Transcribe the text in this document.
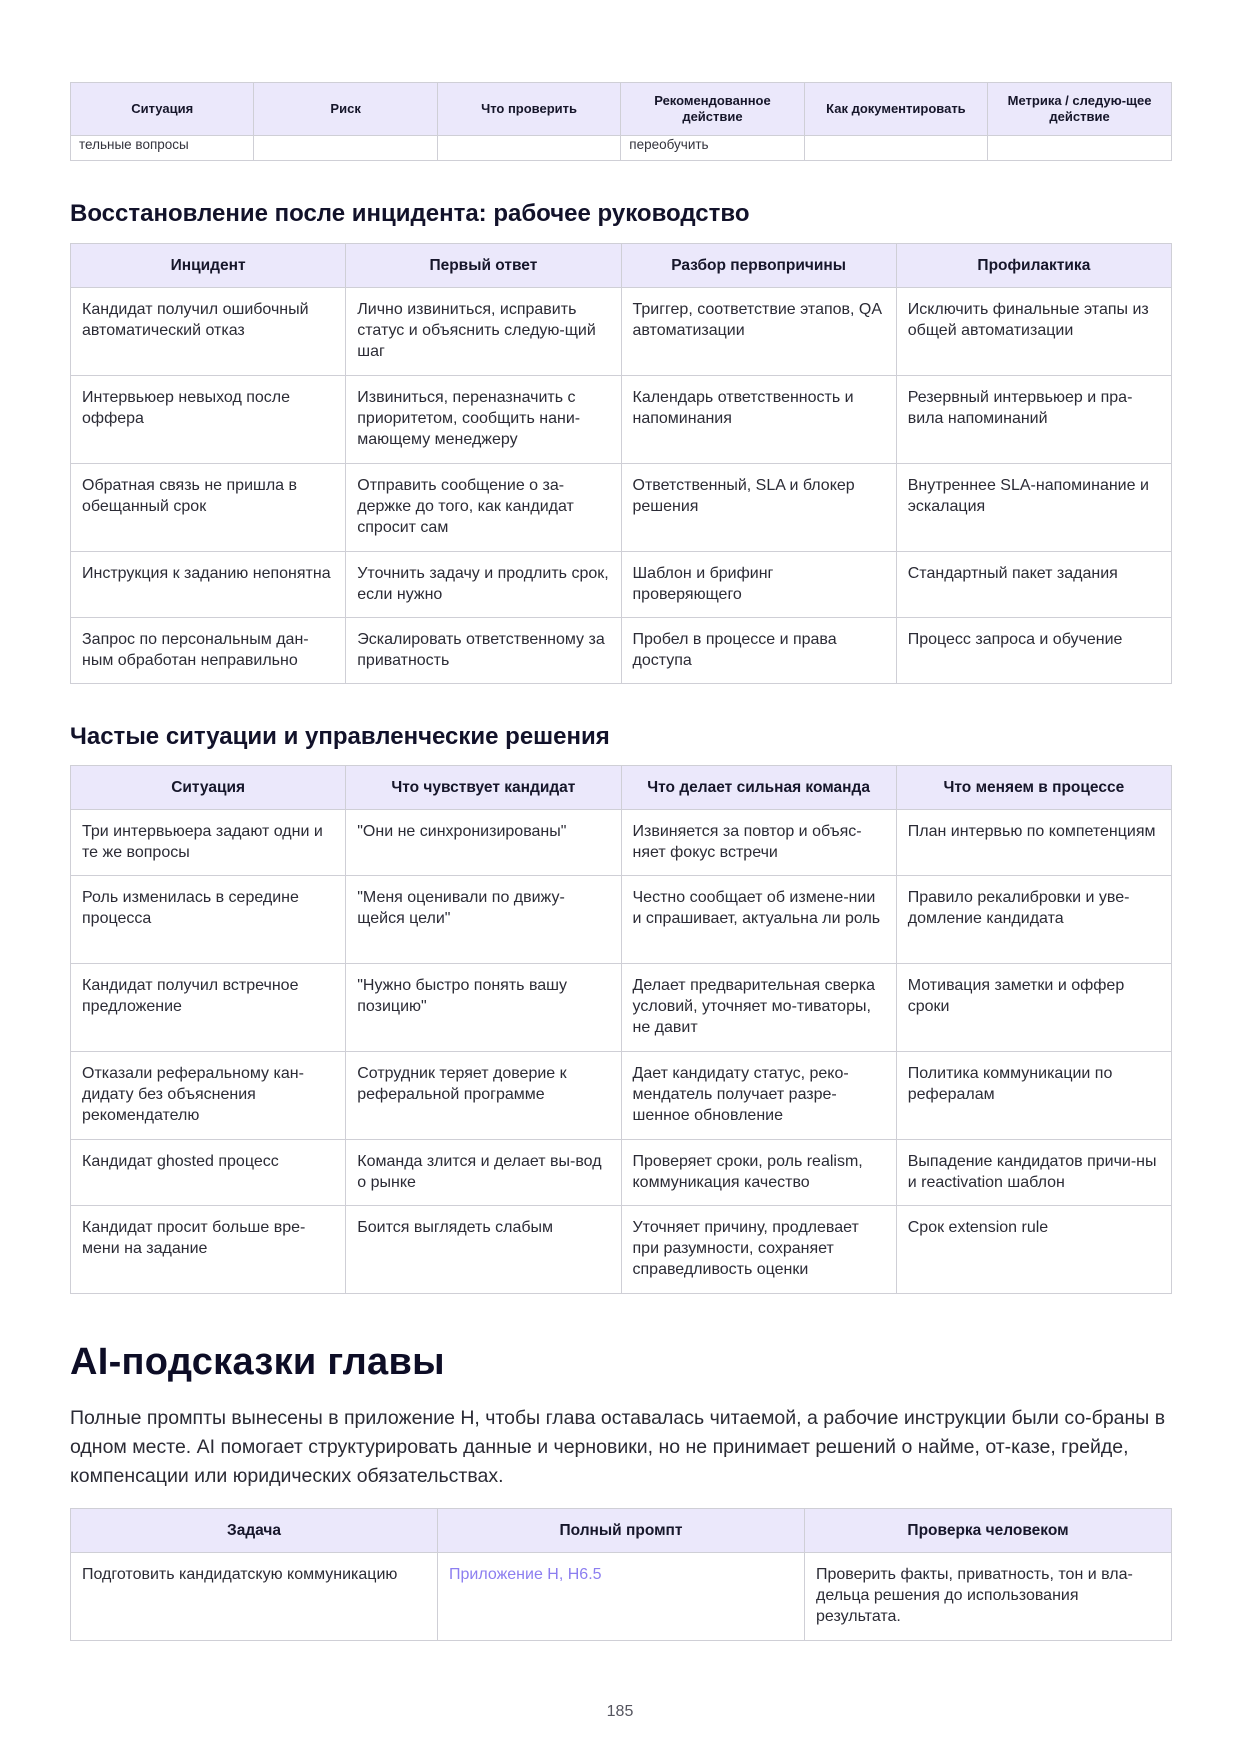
Ситуация	Риск	Что проверить	Рекомендованное действие	Как документировать	Метрика / следую-щее действие
тельные вопросы			переобучить		
Восстановление после инцидента: рабочее руководство
Инцидент	Первый ответ	Разбор первопричины	Профилактика
Кандидат получил ошибочный автоматический отказ	Лично извиниться, исправить статус и объяснить следую-щий шаг	Триггер, соответствие этапов, QA автоматизации	Исключить финальные этапы из общей автоматизации
Интервьюер невыход после оффера	Извиниться, переназначить с приоритетом, сообщить нани-мающему менеджеру	Календарь ответственность и напоминания	Резервный интервьюер и пра-вила напоминаний
Обратная связь не пришла в обещанный срок	Отправить сообщение о за-держке до того, как кандидат спросит сам	Ответственный, SLA и блокер решения	Внутреннее SLA-напоминание и эскалация
Инструкция к заданию непонятна	Уточнить задачу и продлить срок, если нужно	Шаблон и брифинг проверяющего	Стандартный пакет задания
Запрос по персональным дан-ным обработан неправильно	Эскалировать ответственному за приватность	Пробел в процессе и права доступа	Процесс запроса и обучение
Частые ситуации и управленческие решения
Ситуация	Что чувствует кандидат	Что делает сильная команда	Что меняем в процессе
Три интервьюера задают одни и те же вопросы	"Они не синхронизированы"	Извиняется за повтор и объяс-няет фокус встречи	План интервью по компетенциям
Роль изменилась в середине процесса	"Меня оценивали по движу-щейся цели"	Честно сообщает об измене-нии и спрашивает, актуальна ли роль	Правило рекалибровки и уве-домление кандидата
Кандидат получил встречное предложение	"Нужно быстро понять вашу позицию"	Делает предварительная сверка условий, уточняет мо-тиваторы, не давит	Мотивация заметки и оффер сроки
Отказали реферальному кан-дидату без объяснения рекомендателю	Сотрудник теряет доверие к реферальной программе	Дает кандидату статус, реко-мендатель получает разре-шенное обновление	Политика коммуникации по рефералам
Кандидат ghosted процесс	Команда злится и делает вы-вод о рынке	Проверяет сроки, роль realism, коммуникация качество	Выпадение кандидатов причи-ны и reactivation шаблон
Кандидат просит больше вре-мени на задание	Боится выглядеть слабым	Уточняет причину, продлевает при разумности, сохраняет справедливость оценки	Срок extension rule
AI-подсказки главы

Полные промпты вынесены в приложение H, чтобы глава оставалась читаемой, а рабочие инструкции были со-браны в одном месте. AI помогает структурировать данные и черновики, но не принимает решений о найме, от-казе, грейде, компенсации или юридических обязательствах.

Задача	Полный промпт	Проверка человеком
Подготовить кандидатскую коммуникацию	Приложение H, H6.5	Проверить факты, приватность, тон и вла-дельца решения до использования результата.
185
